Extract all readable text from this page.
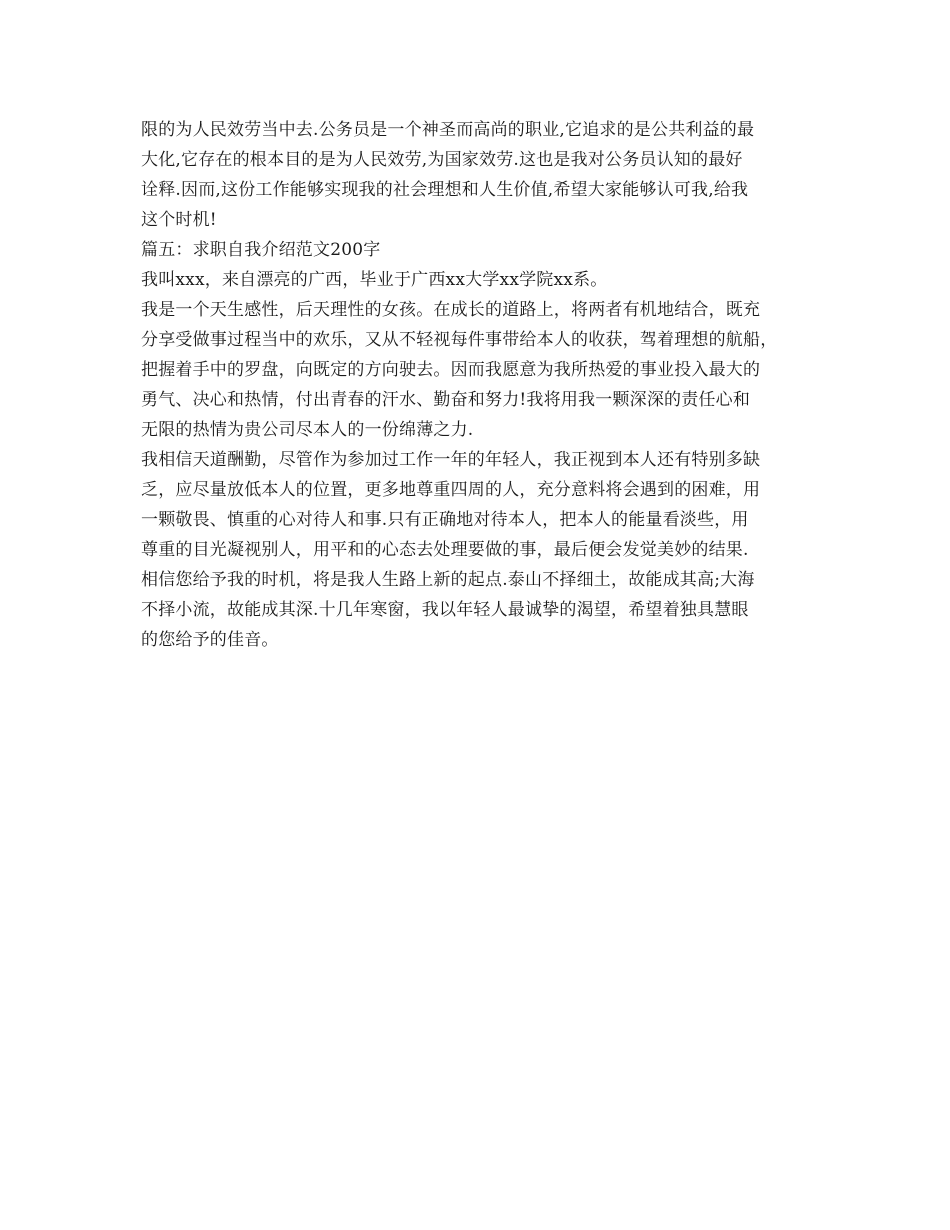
限的为人民效劳当中去.公务员是一个神圣而高尚的职业,它追求的是公共利益的最
大化,它存在的根本目的是为人民效劳,为国家效劳.这也是我对公务员认知的最好
诠释.因而,这份工作能够实现我的社会理想和人生价值,希望大家能够认可我,给我
这个时机!
篇五：求职自我介绍范文200字
我叫xxx，来自漂亮的广西，毕业于广西xx大学xx学院xx系。
我是一个天生感性，后天理性的女孩。在成长的道路上，将两者有机地结合，既充
分享受做事过程当中的欢乐，又从不轻视每件事带给本人的收获，驾着理想的航船，
把握着手中的罗盘，向既定的方向驶去。因而我愿意为我所热爱的事业投入最大的
勇气、决心和热情，付出青春的汗水、勤奋和努力!我将用我一颗深深的责任心和
无限的热情为贵公司尽本人的一份绵薄之力.
我相信天道酬勤，尽管作为参加过工作一年的年轻人，我正视到本人还有特别多缺
乏，应尽量放低本人的位置，更多地尊重四周的人，充分意料将会遇到的困难，用
一颗敬畏、慎重的心对待人和事.只有正确地对待本人，把本人的能量看淡些，用
尊重的目光凝视别人，用平和的心态去处理要做的事，最后便会发觉美妙的结果.
相信您给予我的时机，将是我人生路上新的起点.泰山不择细土，故能成其高;大海
不择小流，故能成其深.十几年寒窗，我以年轻人最诚挚的渴望，希望着独具慧眼
的您给予的佳音。
